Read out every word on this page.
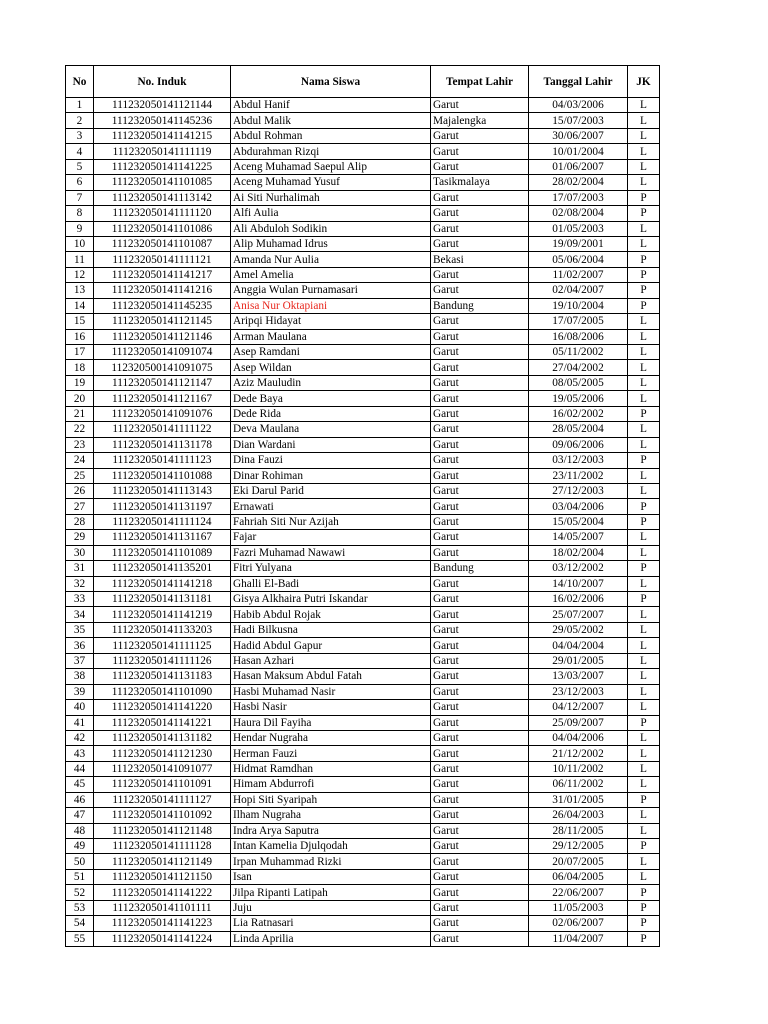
No	No. Induk	Nama Siswa	Tempat Lahir	Tanggal Lahir	JK
1	111232050141121144	Abdul Hanif	Garut	04/03/2006	L
2	111232050141145236	Abdul Malik	Majalengka	15/07/2003	L
3	111232050141141215	Abdul Rohman	Garut	30/06/2007	L
4	111232050141111119	Abdurahman Rizqi	Garut	10/01/2004	L
5	111232050141141225	Aceng Muhamad Saepul Alip	Garut	01/06/2007	L
6	111232050141101085	Aceng Muhamad Yusuf	Tasikmalaya	28/02/2004	L
7	111232050141113142	Ai Siti Nurhalimah	Garut	17/07/2003	P
8	111232050141111120	Alfi Aulia	Garut	02/08/2004	P
9	111232050141101086	Ali Abduloh Sodikin	Garut	01/05/2003	L
10	111232050141101087	Alip Muhamad Idrus	Garut	19/09/2001	L
11	111232050141111121	Amanda Nur Aulia	Bekasi	05/06/2004	P
12	111232050141141217	Amel Amelia	Garut	11/02/2007	P
13	111232050141141216	Anggia Wulan Purnamasari	Garut	02/04/2007	P
14	111232050141145235	Anisa Nur Oktapiani	Bandung	19/10/2004	P
15	111232050141121145	Aripqi Hidayat	Garut	17/07/2005	L
16	111232050141121146	Arman Maulana	Garut	16/08/2006	L
17	111232050141091074	Asep Ramdani	Garut	05/11/2002	L
18	112320500141091075	Asep Wildan	Garut	27/04/2002	L
19	111232050141121147	Aziz Mauludin	Garut	08/05/2005	L
20	111232050141121167	Dede Baya	Garut	19/05/2006	L
21	111232050141091076	Dede Rida	Garut	16/02/2002	P
22	111232050141111122	Deva Maulana	Garut	28/05/2004	L
23	111232050141131178	Dian Wardani	Garut	09/06/2006	L
24	111232050141111123	Dina Fauzi	Garut	03/12/2003	P
25	111232050141101088	Dinar Rohiman	Garut	23/11/2002	L
26	111232050141113143	Eki Darul Parid	Garut	27/12/2003	L
27	111232050141131197	Ernawati	Garut	03/04/2006	P
28	111232050141111124	Fahriah Siti Nur Azijah	Garut	15/05/2004	P
29	111232050141131167	Fajar	Garut	14/05/2007	L
30	111232050141101089	Fazri Muhamad Nawawi	Garut	18/02/2004	L
31	111232050141135201	Fitri Yulyana	Bandung	03/12/2002	P
32	111232050141141218	Ghalli El-Badi	Garut	14/10/2007	L
33	111232050141131181	Gisya Alkhaira Putri Iskandar	Garut	16/02/2006	P
34	111232050141141219	Habib Abdul Rojak	Garut	25/07/2007	L
35	111232050141133203	Hadi Bilkusna	Garut	29/05/2002	L
36	111232050141111125	Hadid Abdul Gapur	Garut	04/04/2004	L
37	111232050141111126	Hasan Azhari	Garut	29/01/2005	L
38	111232050141131183	Hasan Maksum Abdul Fatah	Garut	13/03/2007	L
39	111232050141101090	Hasbi Muhamad Nasir	Garut	23/12/2003	L
40	111232050141141220	Hasbi Nasir	Garut	04/12/2007	L
41	111232050141141221	Haura Dil Fayiha	Garut	25/09/2007	P
42	111232050141131182	Hendar Nugraha	Garut	04/04/2006	L
43	111232050141121230	Herman Fauzi	Garut	21/12/2002	L
44	111232050141091077	Hidmat Ramdhan	Garut	10/11/2002	L
45	111232050141101091	Himam Abdurrofi	Garut	06/11/2002	L
46	111232050141111127	Hopi Siti Syaripah	Garut	31/01/2005	P
47	111232050141101092	Ilham Nugraha	Garut	26/04/2003	L
48	111232050141121148	Indra Arya Saputra	Garut	28/11/2005	L
49	111232050141111128	Intan Kamelia Djulqodah	Garut	29/12/2005	P
50	111232050141121149	Irpan Muhammad Rizki	Garut	20/07/2005	L
51	111232050141121150	Isan	Garut	06/04/2005	L
52	111232050141141222	Jilpa Ripanti Latipah	Garut	22/06/2007	P
53	111232050141101111	Juju	Garut	11/05/2003	P
54	111232050141141223	Lia Ratnasari	Garut	02/06/2007	P
55	111232050141141224	Linda Aprilia	Garut	11/04/2007	P
